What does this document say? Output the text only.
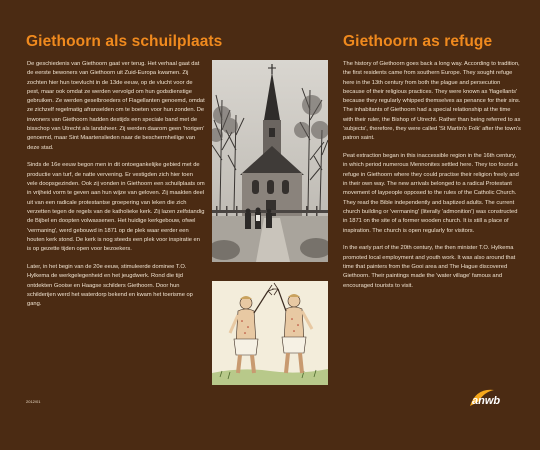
Giethoorn als schuilplaats	Giethoorn as refuge

De geschiedenis van Giethoorn gaat ver terug. Het verhaal gaat dat de eerste bewoners van Giethoorn uit Zuid-Europa kwamen. Zij zochten hier hun toevlucht in de 13de eeuw, op de vlucht voor de pest, maar ook omdat ze werden vervolgd om hun godsdienstige gebruiken. Ze werden geselbroeders of Flagellanten genoemd, omdat ze zichzelf regelmatig afranselden om te boeten voor hun zonden. De inwoners van Giethoorn hadden destijds een speciale band met de bisschop van Utrecht als landsheer. Zij werden daarom geen 'horigen' genoemd, maar Sint Maartenslieden naar de beschermheilige van deze stad.

Sinds de 16e eeuw begon men in dit ontoegankelijke gebied met de productie van turf, de natte vervening. Er vestigden zich hier toen vele doopsgezinden. Ook zij vonden in Giethoorn een schuilplaats om in vrijheid vorm te geven aan hun wijze van geloven. Zij maakten deel uit van een radicale protestantse groepering van leken die zich verzetten tegen de regels van de katholieke kerk. Zij lazen zelfstandig de Bijbel en doopten volwassenen. Het huidige kerkgebouw, ofwel 'vermaning', werd gebouwd in 1871 op de plek waar eerder een houten kerk stond. De kerk is nog steeds een plek voor inspiratie en is op gezette tijden open voor bezoekers.

Later, in het begin van de 20e eeuw, stimuleerde dominee T.O. Hylkema de werkgelegenheid en het jeugdwerk. Rond die tijd ontdekten Gooise en Haagse schilders Giethoorn. Door hun schilderijen werd het waterdorp bekend en kwam het toerisme op gang.

The history of Giethoorn goes back a long way. According to tradition, the first residents came from southern Europe. They sought refuge here in the 13th century from both the plague and persecution because of their religious practices. They were known as 'flagellants' because they regularly whipped themselves as penance for their sins. The inhabitants of Giethoorn had a special relationship at the time with their ruler, the Bishop of Utrecht. Rather than being referred to as 'subjects', therefore, they were called 'St Martin's Folk' after the town's patron saint.

Peat extraction began in this inaccessible region in the 16th century, in which period numerous Mennonites settled here. They too found a refuge in Giethoorn where they could practise their religion freely and in their own way. The new arrivals belonged to a radical Protestant movement of laypeople opposed to the rules of the Catholic Church. They read the Bible independently and baptized adults. The current church building or 'vermaning' (literally 'admonition') was constructed in 1871 on the site of a former wooden church. It is still a place of inspiration. The church is open regularly for visitors.

In the early part of the 20th century, the then minister T.O. Hylkema promoted local employment and youth work. It was also around that time that painters from the Gooi area and The Hague discovered Giethoorn. Their paintings made the 'water village' famous and encouraged tourists to visit.

2012/01	anwb
